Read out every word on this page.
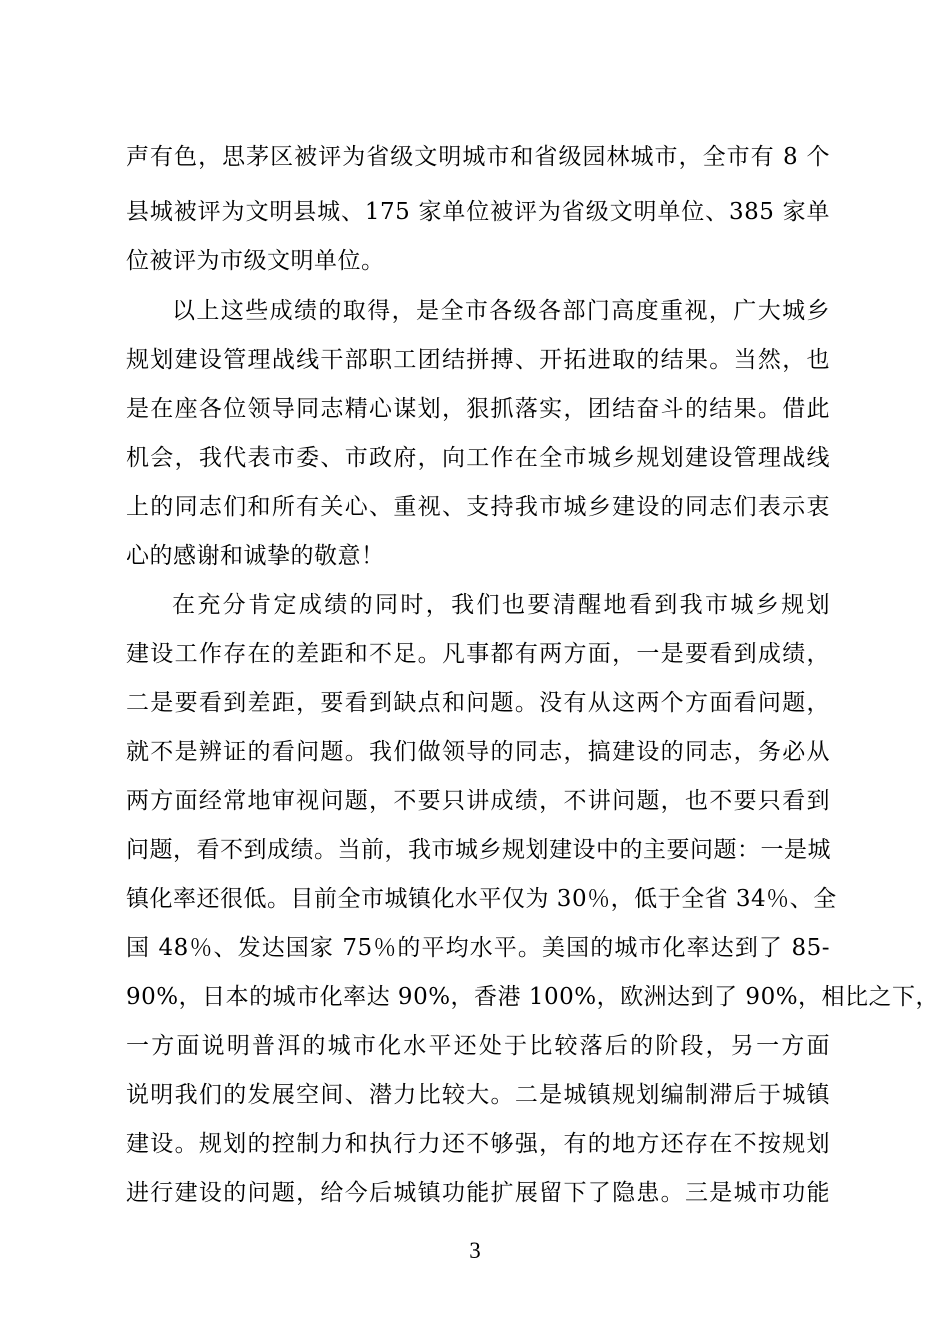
声有色，思茅区被评为省级文明城市和省级园林城市，全市有 8 个
县城被评为文明县城、175 家单位被评为省级文明单位、385 家单
位被评为市级文明单位。
以上这些成绩的取得，是全市各级各部门高度重视，广大城乡
规划建设管理战线干部职工团结拼搏、开拓进取的结果。当然，也
是在座各位领导同志精心谋划，狠抓落实，团结奋斗的结果。借此
机会，我代表市委、市政府，向工作在全市城乡规划建设管理战线
上的同志们和所有关心、重视、支持我市城乡建设的同志们表示衷
心的感谢和诚挚的敬意！
在充分肯定成绩的同时，我们也要清醒地看到我市城乡规划
建设工作存在的差距和不足。凡事都有两方面，一是要看到成绩，
二是要看到差距，要看到缺点和问题。没有从这两个方面看问题，
就不是辨证的看问题。我们做领导的同志，搞建设的同志，务必从
两方面经常地审视问题，不要只讲成绩，不讲问题，也不要只看到
问题，看不到成绩。当前，我市城乡规划建设中的主要问题：一是城
镇化率还很低。目前全市城镇化水平仅为 30％，低于全省 34％、全
国 48％、发达国家 75％的平均水平。美国的城市化率达到了 85-
90%，日本的城市化率达 90%，香港 100%，欧洲达到了 90%，相比之下，
一方面说明普洱的城市化水平还处于比较落后的阶段，另一方面
说明我们的发展空间、潜力比较大。二是城镇规划编制滞后于城镇
建设。规划的控制力和执行力还不够强，有的地方还存在不按规划
进行建设的问题，给今后城镇功能扩展留下了隐患。三是城市功能
3
